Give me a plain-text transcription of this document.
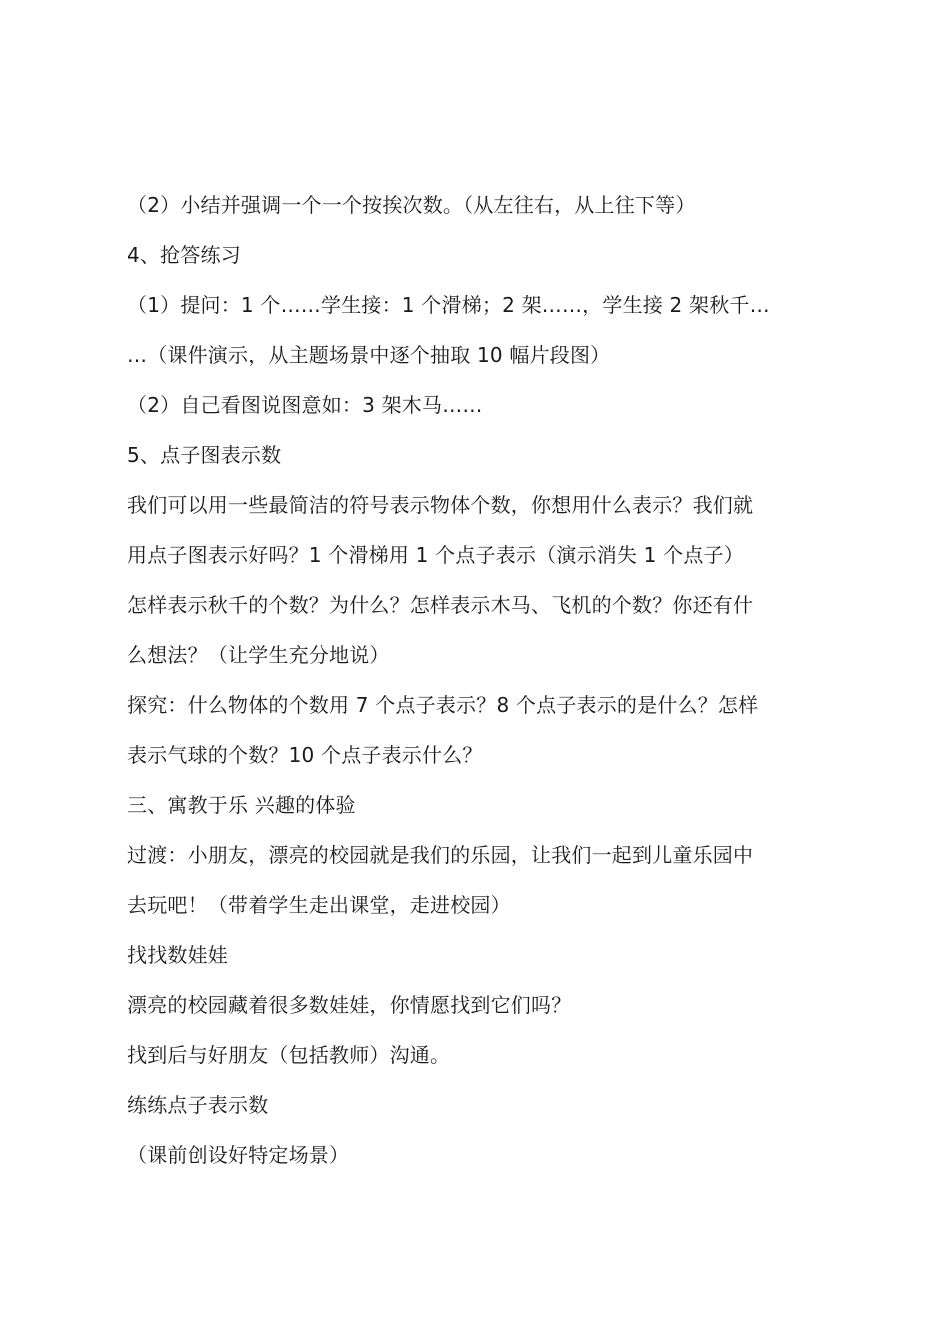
（2）小结并强调一个一个按挨次数。（从左往右，从上往下等）
4、抢答练习
（1）提问：1 个……学生接：1 个滑梯；2 架……，学生接 2 架秋千…
…（课件演示，从主题场景中逐个抽取 10 幅片段图）
（2）自己看图说图意如：3 架木马……
5、点子图表示数
我们可以用一些最简洁的符号表示物体个数，你想用什么表示？我们就
用点子图表示好吗？1 个滑梯用 1 个点子表示（演示消失 1 个点子）
怎样表示秋千的个数？为什么？怎样表示木马、飞机的个数？你还有什
么想法？（让学生充分地说）
探究：什么物体的个数用 7 个点子表示？8 个点子表示的是什么？怎样
表示气球的个数？10 个点子表示什么？
三、寓教于乐 兴趣的体验
过渡：小朋友，漂亮的校园就是我们的乐园，让我们一起到儿童乐园中
去玩吧！（带着学生走出课堂，走进校园）
找找数娃娃
漂亮的校园藏着很多数娃娃，你情愿找到它们吗？
找到后与好朋友（包括教师）沟通。
练练点子表示数
（课前创设好特定场景）
